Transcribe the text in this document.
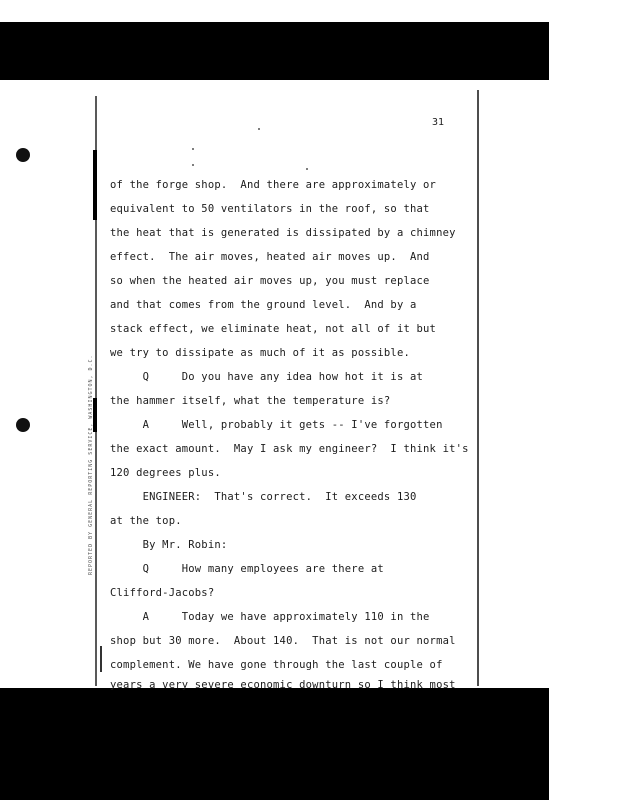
REPORTED BY GENERAL REPORTING SERVICE, WASHINGTON, D.C.
31
of the forge shop.  And there are approximately or
equivalent to 50 ventilators in the roof, so that
the heat that is generated is dissipated by a chimney
effect.  The air moves, heated air moves up.  And
so when the heated air moves up, you must replace
and that comes from the ground level.  And by a
stack effect, we eliminate heat, not all of it but
we try to dissipate as much of it as possible.
Q     Do you have any idea how hot it is at
the hammer itself, what the temperature is?
A     Well, probably it gets -- I've forgotten
the exact amount.  May I ask my engineer?  I think it's
120 degrees plus.
ENGINEER:  That's correct.  It exceeds 130
at the top.
By Mr. Robin:
Q     How many employees are there at
Clifford-Jacobs?
A     Today we have approximately 110 in the
shop but 30 more.  About 140.  That is not our normal
complement. We have gone through the last couple of
years a very severe economic downturn so I think most
